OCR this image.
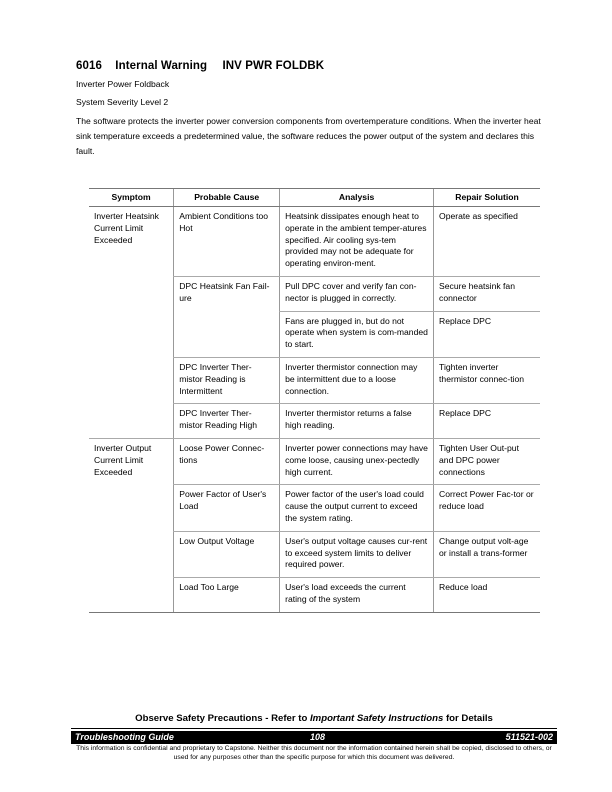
6016 Internal Warning INV PWR FOLDBK

Inverter Power Foldback

System Severity Level 2

The software protects the inverter power conversion components from overtemperature conditions. When the inverter heat sink temperature exceeds a predetermined value, the software reduces the power output of the system and declares this fault.

Symptom	Probable Cause	Analysis	Repair Solution
Inverter Heatsink Current Limit Exceeded	Ambient Conditions too Hot	Heatsink dissipates enough heat to operate in the ambient temper-atures specified. Air cooling sys-tem provided may not be adequate for operating environ-ment.	Operate as specified
	DPC Heatsink Fan Fail-ure	Pull DPC cover and verify fan con-nector is plugged in correctly.	Secure heatsink fan connector
		Fans are plugged in, but do not operate when system is com-manded to start.	Replace DPC
	DPC Inverter Ther-mistor Reading is Intermittent	Inverter thermistor connection may be intermittent due to a loose connection.	Tighten inverter thermistor connec-tion
	DPC Inverter Ther-mistor Reading High	Inverter thermistor returns a false high reading.	Replace DPC
Inverter Output Current Limit Exceeded	Loose Power Connec-tions	Inverter power connections may have come loose, causing unex-pectedly high current.	Tighten User Out-put and DPC power connections
	Power Factor of User's Load	Power factor of the user's load could cause the output current to exceed the system rating.	Correct Power Fac-tor or reduce load
	Low Output Voltage	User's output voltage causes cur-rent to exceed system limits to deliver required power.	Change output volt-age or install a trans-former
	Load Too Large	User's load exceeds the current rating of the system	Reduce load
Observe Safety Precautions - Refer to Important Safety Instructions for Details
Troubleshooting Guide	108	511521-002
This information is confidential and proprietary to Capstone. Neither this document nor the information contained herein shall be copied, disclosed to others, or used for any purposes other than the specific purpose for which this document was delivered.
